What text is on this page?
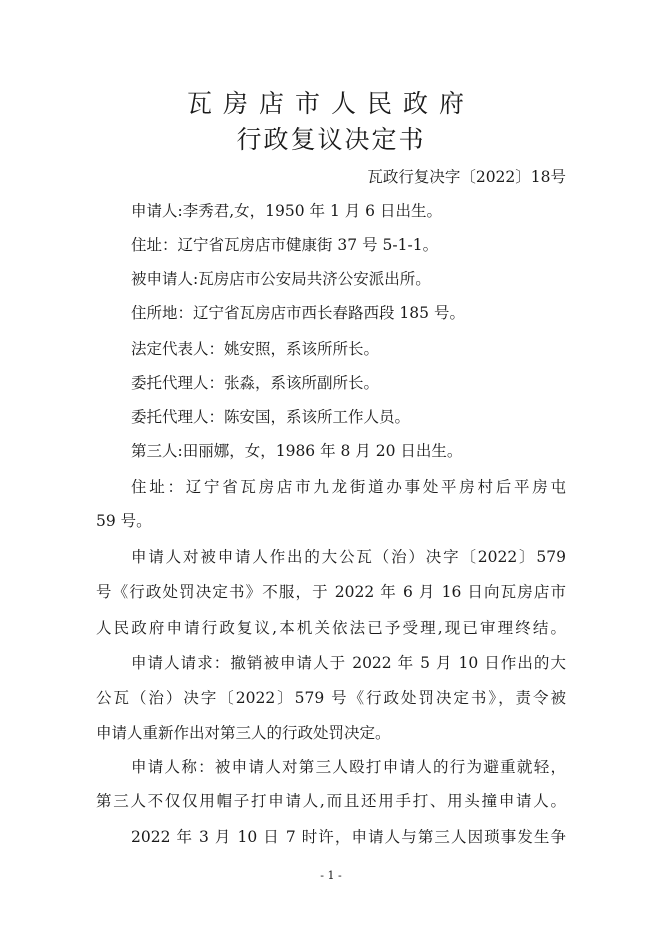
瓦房店市人民政府
行政复议决定书
瓦政行复决字〔2022〕18号
申请人:李秀君,女，1950 年 1 月 6 日出生。
住址：辽宁省瓦房店市健康街 37 号 5-1-1。
被申请人:瓦房店市公安局共济公安派出所。
住所地：辽宁省瓦房店市西长春路西段 185 号。
法定代表人：姚安照，系该所所长。
委托代理人：张淼，系该所副所长。
委托代理人：陈安国，系该所工作人员。
第三人:田丽娜，女，1986 年 8 月 20 日出生。
住址：辽宁省瓦房店市九龙街道办事处平房村后平房屯
59 号。
申请人对被申请人作出的大公瓦（治）决字〔2022〕579
号《行政处罚决定书》不服，于 2022 年 6 月 16 日向瓦房店市
人民政府申请行政复议,本机关依法已予受理,现已审理终结。
申请人请求：撤销被申请人于 2022 年 5 月 10 日作出的大
公瓦（治）决字〔2022〕579 号《行政处罚决定书》，责令被
申请人重新作出对第三人的行政处罚决定。
申请人称：被申请人对第三人殴打申请人的行为避重就轻，
第三人不仅仅用帽子打申请人,而且还用手打、用头撞申请人。
2022 年 3 月 10 日 7 时许，申请人与第三人因琐事发生争
- 1 -
